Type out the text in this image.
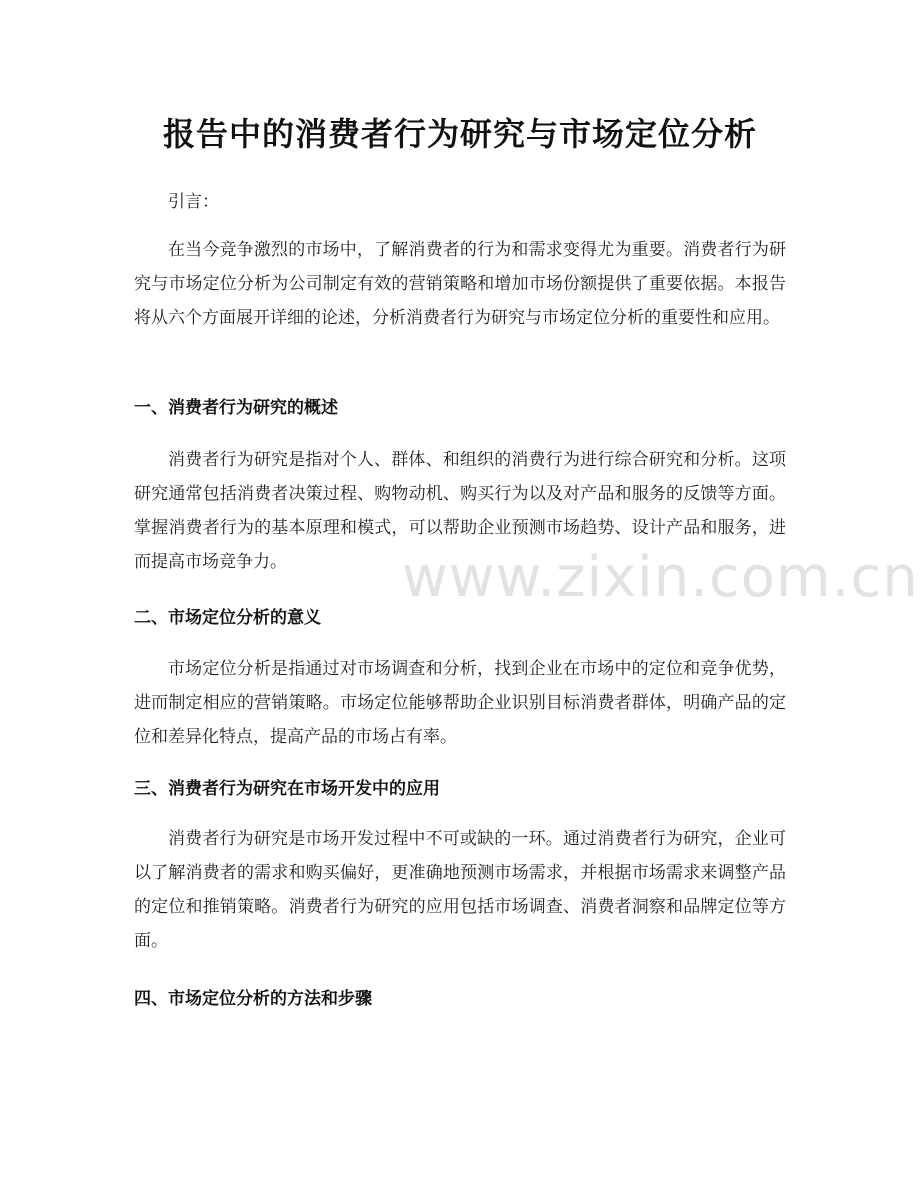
报告中的消费者行为研究与市场定位分析

引言：

在当今竞争激烈的市场中，了解消费者的行为和需求变得尤为重要。消费者行为研究与市场定位分析为公司制定有效的营销策略和增加市场份额提供了重要依据。本报告将从六个方面展开详细的论述，分析消费者行为研究与市场定位分析的重要性和应用。

一、消费者行为研究的概述

消费者行为研究是指对个人、群体、和组织的消费行为进行综合研究和分析。这项研究通常包括消费者决策过程、购物动机、购买行为以及对产品和服务的反馈等方面。掌握消费者行为的基本原理和模式，可以帮助企业预测市场趋势、设计产品和服务，进而提高市场竞争力。

二、市场定位分析的意义

市场定位分析是指通过对市场调查和分析，找到企业在市场中的定位和竞争优势，进而制定相应的营销策略。市场定位能够帮助企业识别目标消费者群体，明确产品的定位和差异化特点，提高产品的市场占有率。

三、消费者行为研究在市场开发中的应用

消费者行为研究是市场开发过程中不可或缺的一环。通过消费者行为研究，企业可以了解消费者的需求和购买偏好，更准确地预测市场需求，并根据市场需求来调整产品的定位和推销策略。消费者行为研究的应用包括市场调查、消费者洞察和品牌定位等方面。

四、市场定位分析的方法和步骤
www.zixin.com.cn
